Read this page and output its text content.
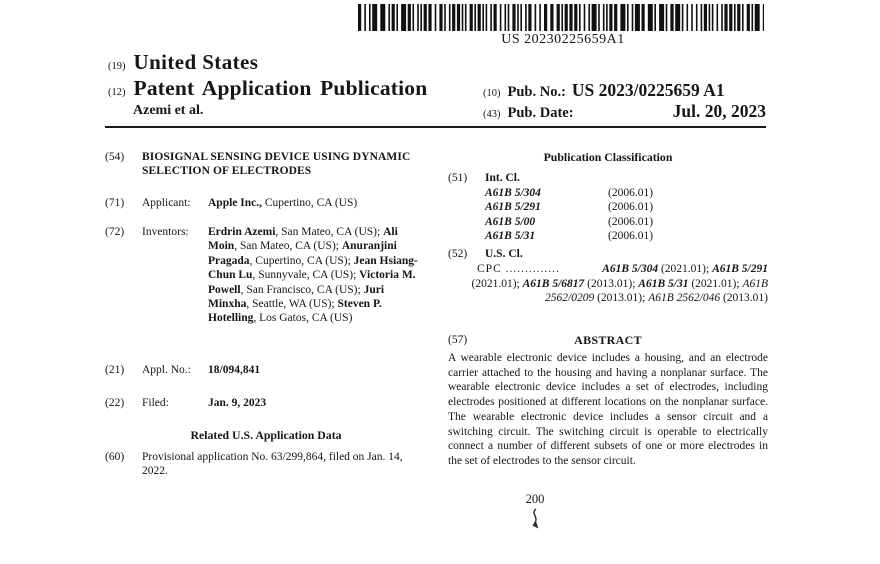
US 20230225659A1
(19) United States
(12) Patent Application Publication
Azemi et al.
(10) Pub. No.: US 2023/0225659 A1
(43) Pub. Date:	Jul. 20, 2023
(54)	BIOSIGNAL SENSING DEVICE USING DYNAMIC SELECTION OF ELECTRODES
(71)	Applicant:	Apple Inc., Cupertino, CA (US)
(72)	Inventors:	Erdrin Azemi, San Mateo, CA (US); Ali Moin, San Mateo, CA (US); Anuranjini Pragada, Cupertino, CA (US); Jean Hsiang-Chun Lu, Sunnyvale, CA (US); Victoria M. Powell, San Francisco, CA (US); Juri Minxha, Seattle, WA (US); Steven P. Hotelling, Los Gatos, CA (US)
(21)	Appl. No.:	18/094,841
(22)	Filed:	Jan. 9, 2023
Related U.S. Application Data
(60)	Provisional application No. 63/299,864, filed on Jan. 14, 2022.
Publication Classification
(51)	Int. Cl.
A61B 5/304	(2006.01)
A61B 5/291	(2006.01)
A61B 5/00	(2006.01)
A61B 5/31	(2006.01)
(52)	U.S. Cl.
CPC ..............	A61B 5/304 (2021.01); A61B 5/291 (2021.01); A61B 5/6817 (2013.01); A61B 5/31 (2021.01); A61B 2562/0209 (2013.01); A61B 2562/046 (2013.01)
(57)	ABSTRACT
A wearable electronic device includes a housing, and an electrode carrier attached to the housing and having a nonplanar surface. The wearable electronic device includes a set of electrodes, including electrodes positioned at different locations on the nonplanar surface. The wearable electronic device includes a sensor circuit and a switching circuit. The switching circuit is operable to electrically connect a number of different subsets of one or more electrodes in the set of electrodes to the sensor circuit.
200
